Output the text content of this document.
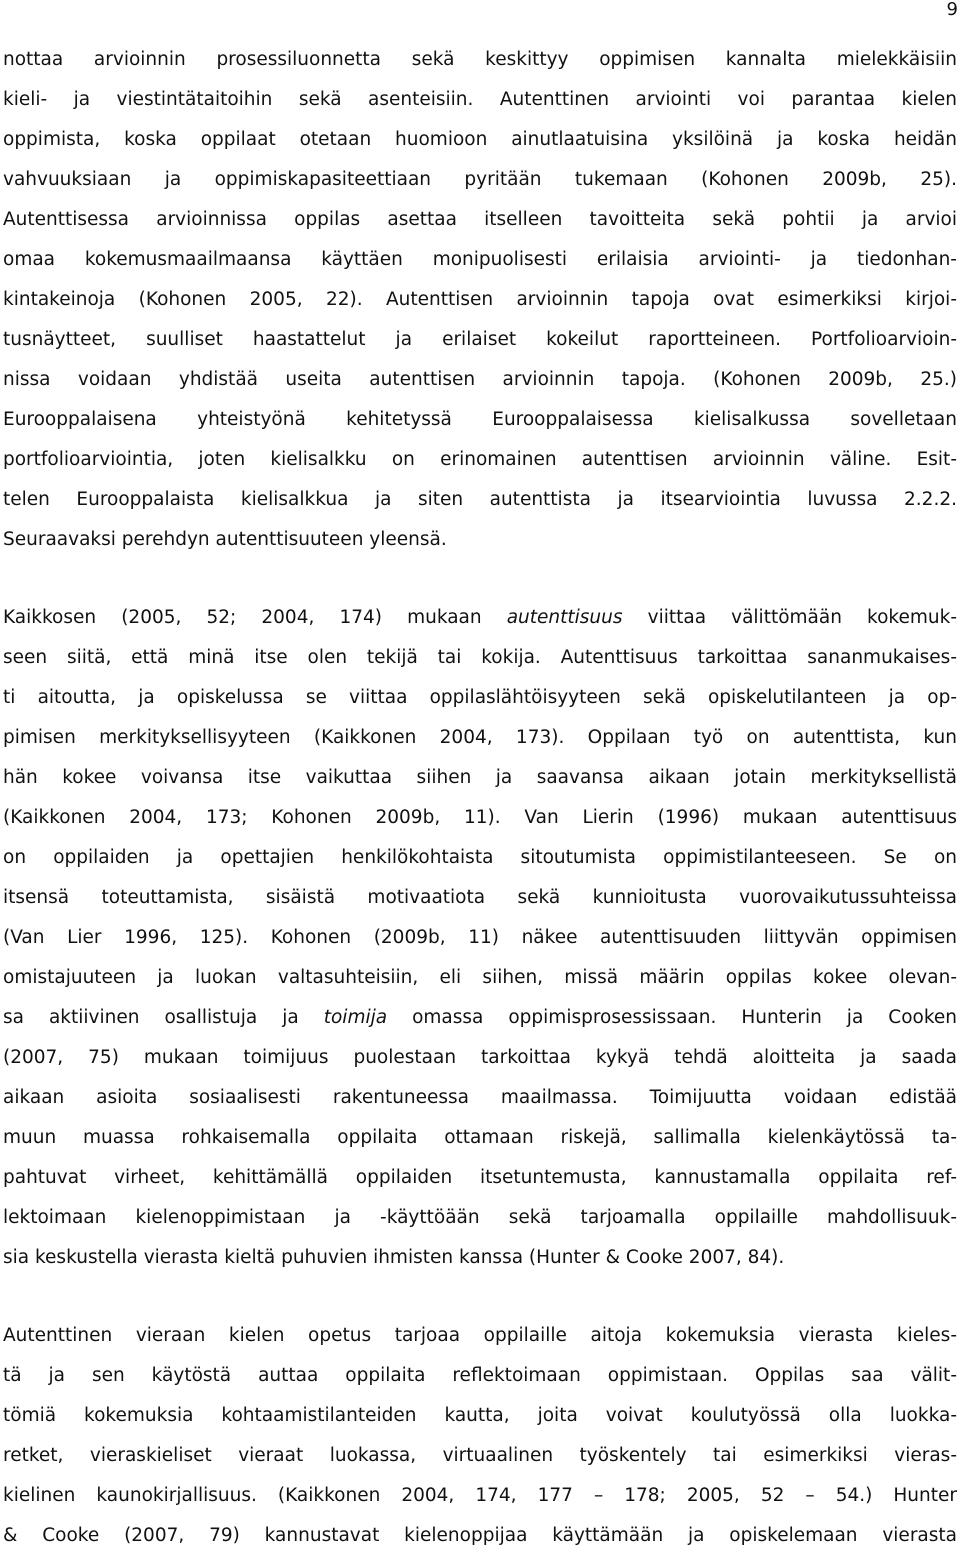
9
nottaa arvioinnin prosessiluonnetta sekä keskittyy oppimisen kannalta mielekkäisiin
kieli- ja viestintätaitoihin sekä asenteisiin. Autenttinen arviointi voi parantaa kielen
oppimista, koska oppilaat otetaan huomioon ainutlaatuisina yksilöinä ja koska heidän
vahvuuksiaan ja oppimiskapasiteettiaan pyritään tukemaan (Kohonen 2009b, 25).
Autenttisessa arvioinnissa oppilas asettaa itselleen tavoitteita sekä pohtii ja arvioi
omaa kokemusmaailmaansa käyttäen monipuolisesti erilaisia arviointi- ja tiedonhan-
kintakeinoja (Kohonen 2005, 22). Autenttisen arvioinnin tapoja ovat esimerkiksi kirjoi-
tusnäytteet, suulliset haastattelut ja erilaiset kokeilut raportteineen. Portfolioarvioin-
nissa voidaan yhdistää useita autenttisen arvioinnin tapoja. (Kohonen 2009b, 25.)
Eurooppalaisena yhteistyönä kehitetyssä Eurooppalaisessa kielisalkussa sovelletaan
portfolioarviointia, joten kielisalkku on erinomainen autenttisen arvioinnin väline. Esit-
telen Eurooppalaista kielisalkkua ja siten autenttista ja itsearviointia luvussa 2.2.2.
Seuraavaksi perehdyn autenttisuuteen yleensä.
Kaikkosen (2005, 52; 2004, 174) mukaan autenttisuus viittaa välittömään kokemuk-
seen siitä, että minä itse olen tekijä tai kokija. Autenttisuus tarkoittaa sananmukaises-
ti aitoutta, ja opiskelussa se viittaa oppilaslähtöisyyteen sekä opiskelutilanteen ja op-
pimisen merkityksellisyyteen (Kaikkonen 2004, 173). Oppilaan työ on autenttista, kun
hän kokee voivansa itse vaikuttaa siihen ja saavansa aikaan jotain merkityksellistä
(Kaikkonen 2004, 173; Kohonen 2009b, 11). Van Lierin (1996) mukaan autenttisuus
on oppilaiden ja opettajien henkilökohtaista sitoutumista oppimistilanteeseen. Se on
itsensä toteuttamista, sisäistä motivaatiota sekä kunnioitusta vuorovaikutussuhteissa
(Van Lier 1996, 125). Kohonen (2009b, 11) näkee autenttisuuden liittyvän oppimisen
omistajuuteen ja luokan valtasuhteisiin, eli siihen, missä määrin oppilas kokee olevan-
sa aktiivinen osallistuja ja toimija omassa oppimisprosessissaan. Hunterin ja Cooken
(2007, 75) mukaan toimijuus puolestaan tarkoittaa kykyä tehdä aloitteita ja saada
aikaan asioita sosiaalisesti rakentuneessa maailmassa. Toimijuutta voidaan edistää
muun muassa rohkaisemalla oppilaita ottamaan riskejä, sallimalla kielenkäytössä ta-
pahtuvat virheet, kehittämällä oppilaiden itsetuntemusta, kannustamalla oppilaita ref-
lektoimaan kielenoppimistaan ja -käyttöään sekä tarjoamalla oppilaille mahdollisuuk-
sia keskustella vierasta kieltä puhuvien ihmisten kanssa (Hunter & Cooke 2007, 84).
Autenttinen vieraan kielen opetus tarjoaa oppilaille aitoja kokemuksia vierasta kieles-
tä ja sen käytöstä auttaa oppilaita reflektoimaan oppimistaan. Oppilas saa välit-
tömiä kokemuksia kohtaamistilanteiden kautta, joita voivat koulutyössä olla luokka-
retket, vieraskieliset vieraat luokassa, virtuaalinen työskentely tai esimerkiksi vieras-
kielinen kaunokirjallisuus. (Kaikkonen 2004, 174, 177 – 178; 2005, 52 – 54.) Hunter
& Cooke (2007, 79) kannustavat kielenoppijaa käyttämään ja opiskelemaan vierasta
